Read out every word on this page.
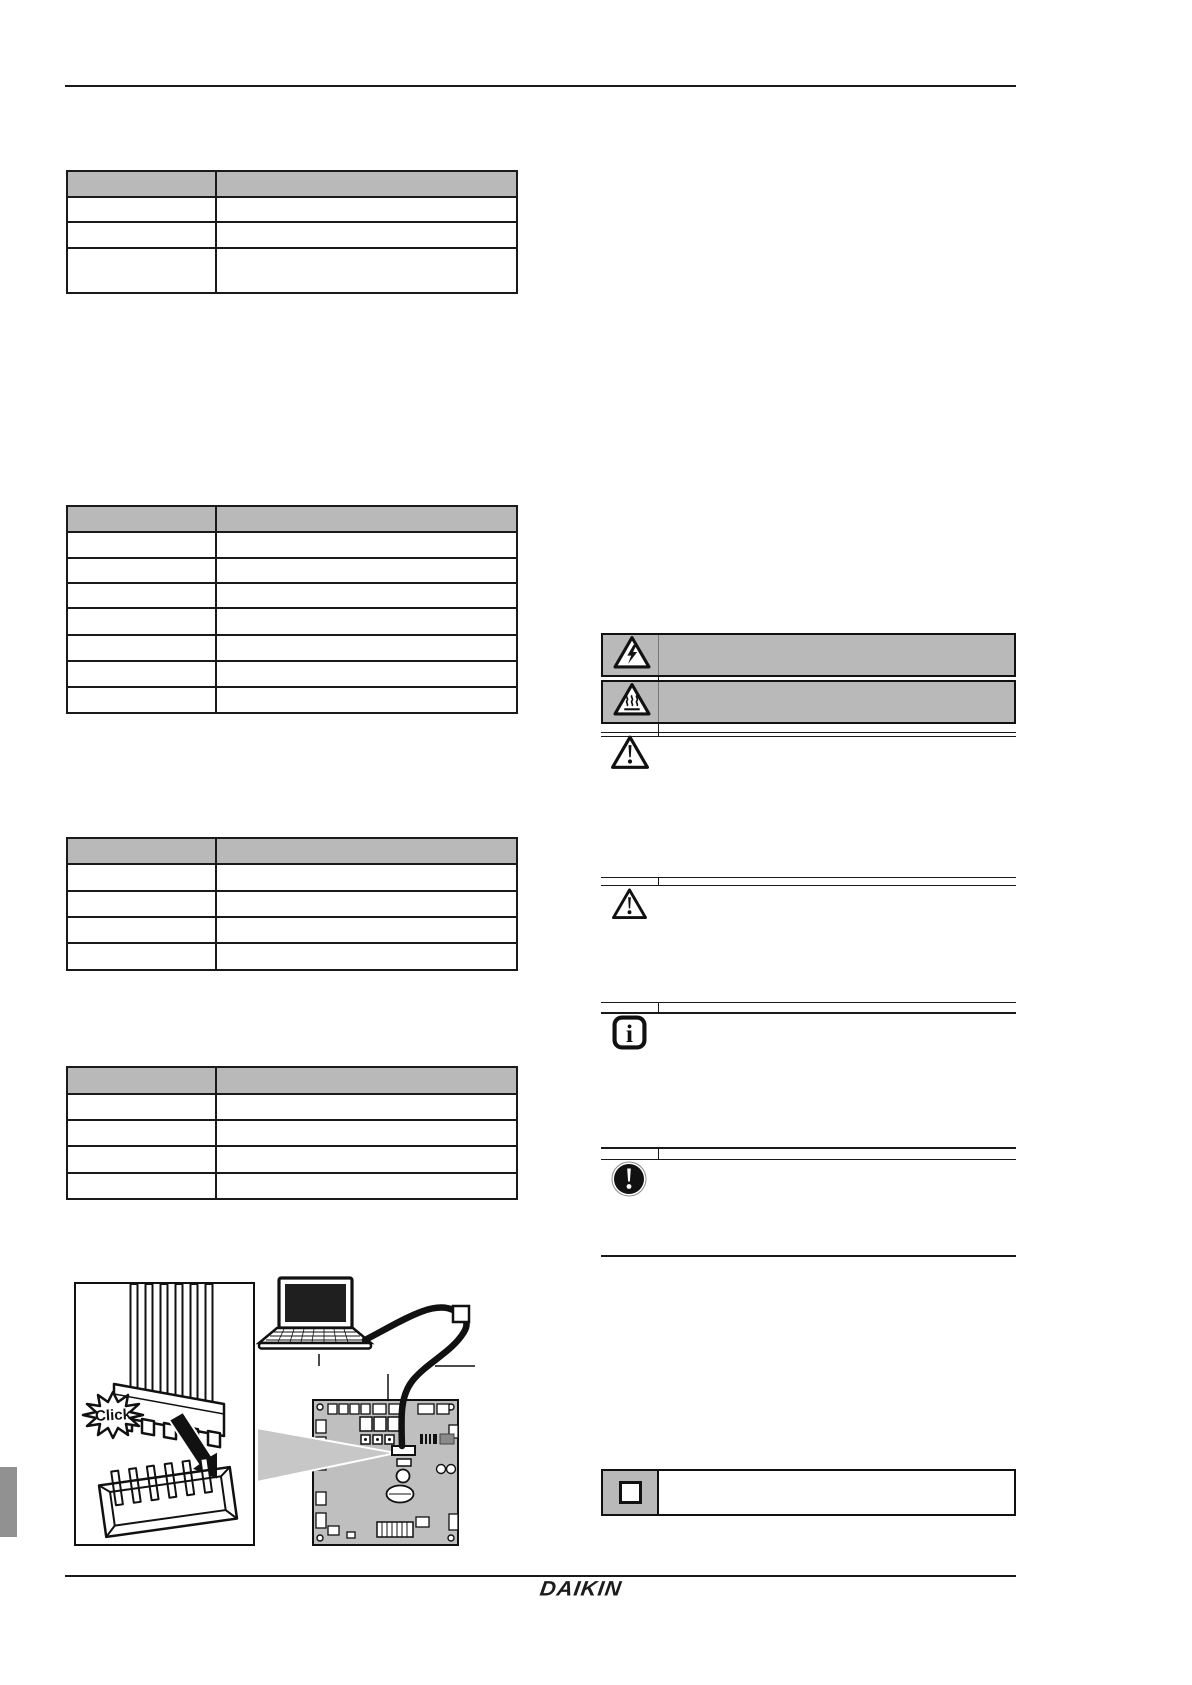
i
Click
DAIKIN
